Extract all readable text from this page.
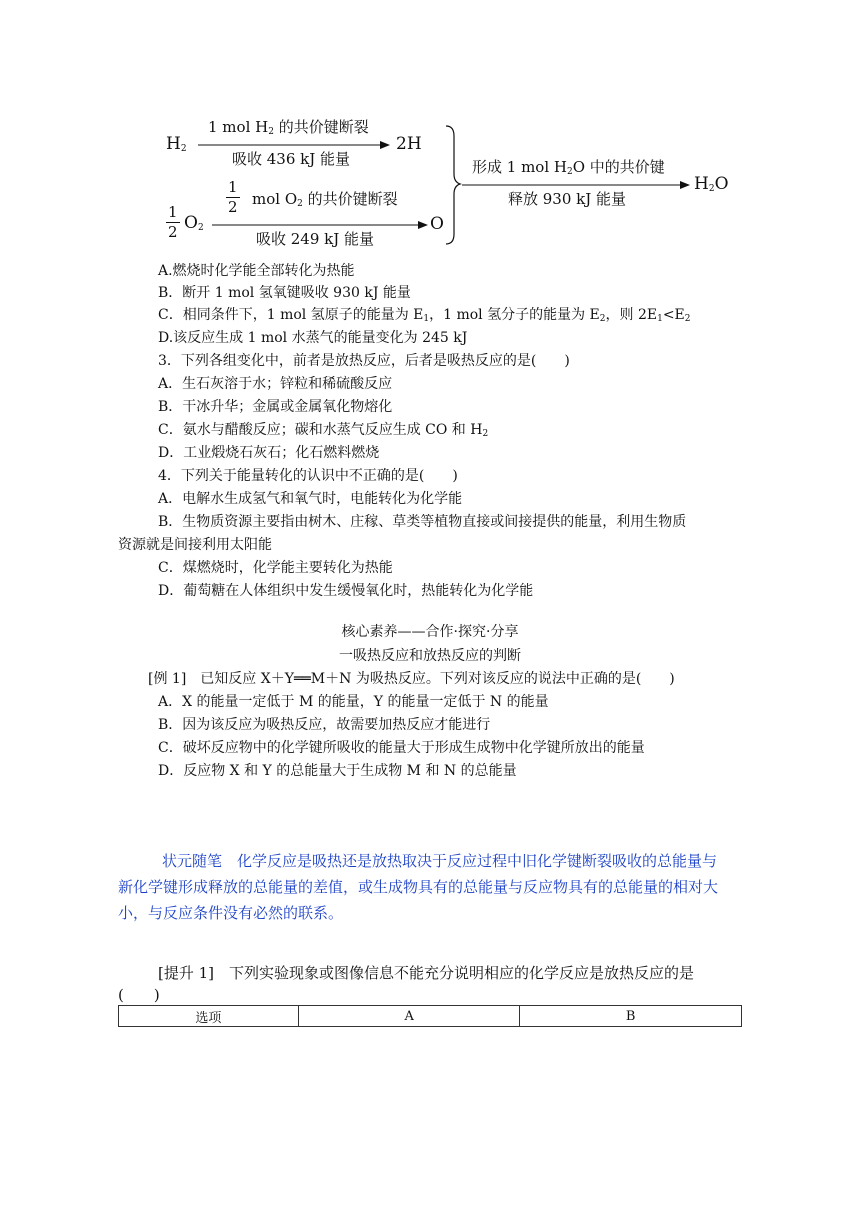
$H_2$
1 mol $H_2$ 的共价键断裂
吸收 436 kJ 能量
2H
$\frac{1}{2} O_2$
$\frac{1}{2}$ mol $O_2$ 的共价键断裂
吸收 249 kJ 能量
O
形成 1 mol $H_2O$ 中的共价键
释放 930 kJ 能量
$H_2O$
A.燃烧时化学能全部转化为热能
B．断开 1 mol 氢氧键吸收 930 kJ 能量
C．相同条件下，1 mol 氢原子的能量为 $E_1$，1 mol 氢分子的能量为 $E_2$，则 $2E_1<E_2$
D.该反应生成 1 mol 水蒸气的能量变化为 245 kJ
3．下列各组变化中，前者是放热反应，后者是吸热反应的是(　　)
A．生石灰溶于水；锌粒和稀硫酸反应
B．干冰升华；金属或金属氧化物熔化
C．氨水与醋酸反应；碳和水蒸气反应生成 CO 和 $H_2$
D．工业煅烧石灰石；化石燃料燃烧
4．下列关于能量转化的认识中不正确的是(　　)
A．电解水生成氢气和氧气时，电能转化为化学能
B．生物质资源主要指由树木、庄稼、草类等植物直接或间接提供的能量，利用生物质
资源就是间接利用太阳能
C．煤燃烧时，化学能主要转化为热能
D．葡萄糖在人体组织中发生缓慢氧化时，热能转化为化学能
核心素养——合作·探究·分享
一吸热反应和放热反应的判断
[例 1]　已知反应 X＋Y══M＋N 为吸热反应。下列对该反应的说法中正确的是(　　)
A．X 的能量一定低于 M 的能量，Y 的能量一定低于 N 的能量
B．因为该反应为吸热反应，故需要加热反应才能进行
C．破坏反应物中的化学键所吸收的能量大于形成生成物中化学键所放出的能量
D．反应物 X 和 Y 的总能量大于生成物 M 和 N 的总能量
状元随笔　化学反应是吸热还是放热取决于反应过程中旧化学键断裂吸收的总能量与
新化学键形成释放的总能量的差值，或生成物具有的总能量与反应物具有的总能量的相对大
小，与反应条件没有必然的联系。
[提升 1]　下列实验现象或图像信息不能充分说明相应的化学反应是放热反应的是
(　　)
选项	A	B
